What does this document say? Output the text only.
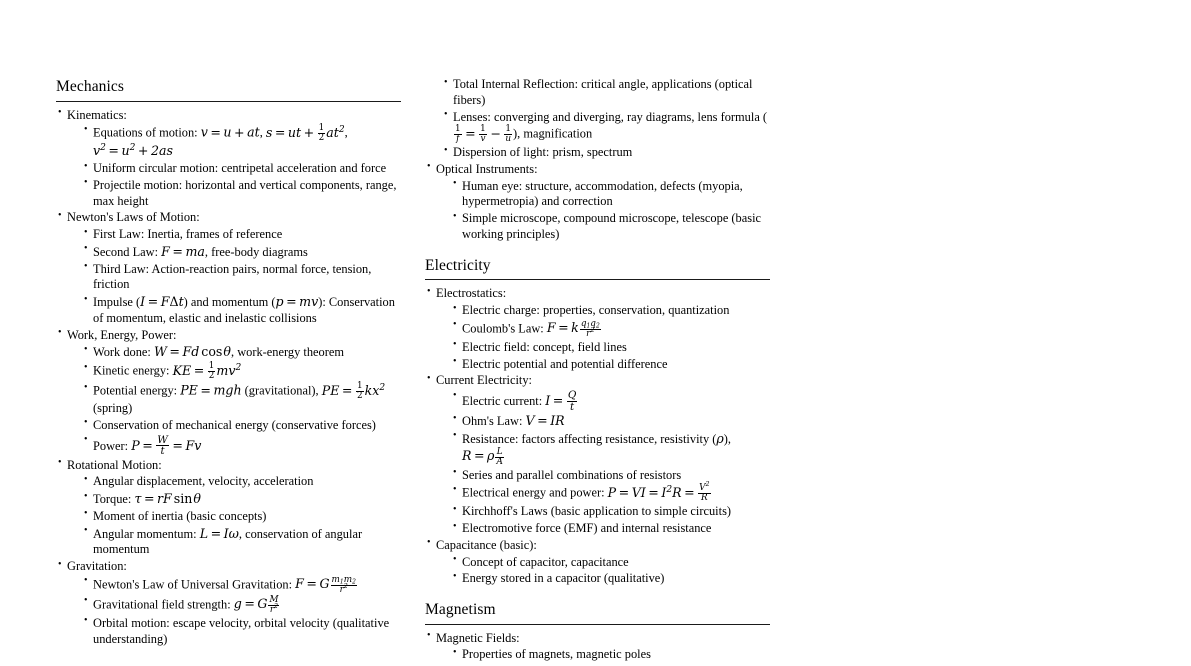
Mechanics
• Kinematics:
• Equations of motion: v = u + at, s = ut + $\frac{1}{2} at^2$, $v^2 = u^2 + 2as$
• Uniform circular motion: centripetal acceleration and force
• Projectile motion: horizontal and vertical components, range, max height
• Newton's Laws of Motion:
• First Law: Inertia, frames of reference
• Second Law: F = ma, free-body diagrams
• Third Law: Action-reaction pairs, normal force, tension, friction
• Impulse (I = FΔt) and momentum (p = mv): Conservation of momentum, elastic and inelastic collisions
• Work, Energy, Power:
• Work done: W = Fd cosθ, work-energy theorem
• Kinetic energy: KE = $\frac{1}{2} mv^2$
• Potential energy: PE = mgh (gravitational), PE = $\frac{1}{2} kx^2$ (spring)
• Conservation of mechanical energy (conservative forces)
• Power: $P = \frac{W}{t} = Fv$
• Rotational Motion:
• Angular displacement, velocity, acceleration
• Torque: τ = rF sinθ
• Moment of inertia (basic concepts)
• Angular momentum: L = Iω, conservation of angular momentum
• Gravitation:
• Newton's Law of Universal Gravitation: F = G $\frac{m_1m_2}{r^2}$
• Gravitational field strength: g = G $\frac{M}{r^2}$
• Orbital motion: escape velocity, orbital velocity (qualitative understanding)
• Total Internal Reflection: critical angle, applications (optical fibers)
• Lenses: converging and diverging, ray diagrams, lens formula (
$\frac{1}{f} = \frac{1}{v} - \frac{1}{u}$ ), magnification
• Dispersion of light: prism, spectrum
• Optical Instruments:
• Human eye: structure, accommodation, defects (myopia, hypermetropia) and correction
• Simple microscope, compound microscope, telescope (basic working principles)
Electricity
• Electrostatics:
• Electric charge: properties, conservation, quantization
• Coulomb's Law: F = k $\frac{q_1q_2}{r^2}$
• Electric field: concept, field lines
• Electric potential and potential difference
• Current Electricity:
• Electric current: $I = \frac{Q}{t}$
• Ohm's Law: V = IR
• Resistance: factors affecting resistance, resistivity (ρ), R = ρ $\frac{L}{A}$
• Series and parallel combinations of resistors
• Electrical energy and power: P = VI = $I^2R = \frac{V^2}{R}$
• Kirchhoff's Laws (basic application to simple circuits)
• Electromotive force (EMF) and internal resistance
• Capacitance (basic):
• Concept of capacitor, capacitance
• Energy stored in a capacitor (qualitative)
Magnetism
• Magnetic Fields:
• Properties of magnets, magnetic poles
